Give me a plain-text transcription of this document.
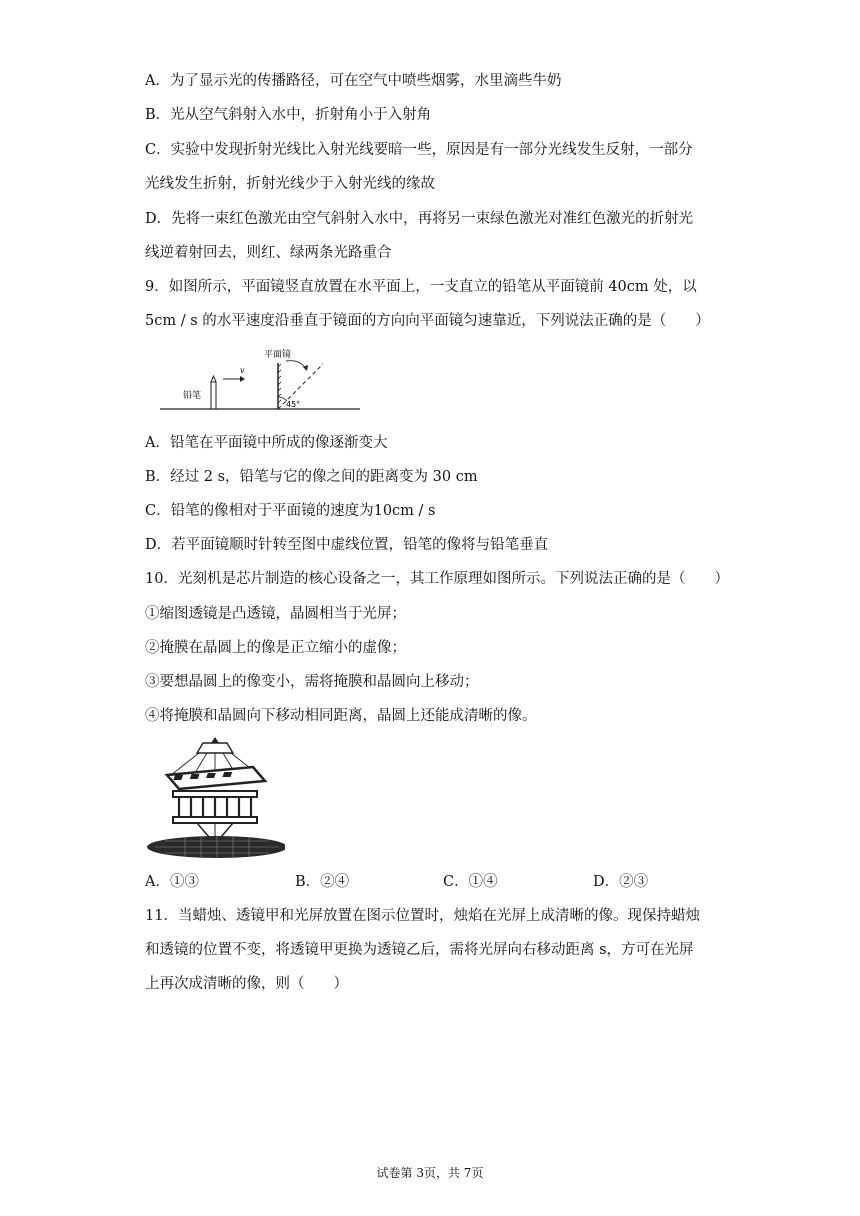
A．为了显示光的传播路径，可在空气中喷些烟雾，水里滴些牛奶
B．光从空气斜射入水中，折射角小于入射角
C．实验中发现折射光线比入射光线要暗一些，原因是有一部分光线发生反射，一部分
光线发生折射，折射光线少于入射光线的缘故
D．先将一束红色激光由空气斜射入水中，再将另一束绿色激光对准红色激光的折射光
线逆着射回去，则红、绿两条光路重合
9．如图所示，平面镜竖直放置在水平面上，一支直立的铅笔从平面镜前 40cm 处，以
5cm / s 的水平速度沿垂直于镜面的方向向平面镜匀速靠近，下列说法正确的是（　　）
铅笔
v
平面镜
45°
A．铅笔在平面镜中所成的像逐渐变大
B．经过 2 s，铅笔与它的像之间的距离变为 30 cm
C．铅笔的像相对于平面镜的速度为10cm / s
D．若平面镜顺时针转至图中虚线位置，铅笔的像将与铅笔垂直
10．光刻机是芯片制造的核心设备之一，其工作原理如图所示。下列说法正确的是（　　）
①缩图透镜是凸透镜，晶圆相当于光屏；
②掩膜在晶圆上的像是正立缩小的虚像；
③要想晶圆上的像变小，需将掩膜和晶圆向上移动；
④将掩膜和晶圆向下移动相同距离，晶圆上还能成清晰的像。
A．①③	B．②④	C．①④	D．②③
11．当蜡烛、透镜甲和光屏放置在图示位置时，烛焰在光屏上成清晰的像。现保持蜡烛
和透镜的位置不变，将透镜甲更换为透镜乙后，需将光屏向右移动距离 s，方可在光屏
上再次成清晰的像，则（　　）
试卷第 3页，共 7页
